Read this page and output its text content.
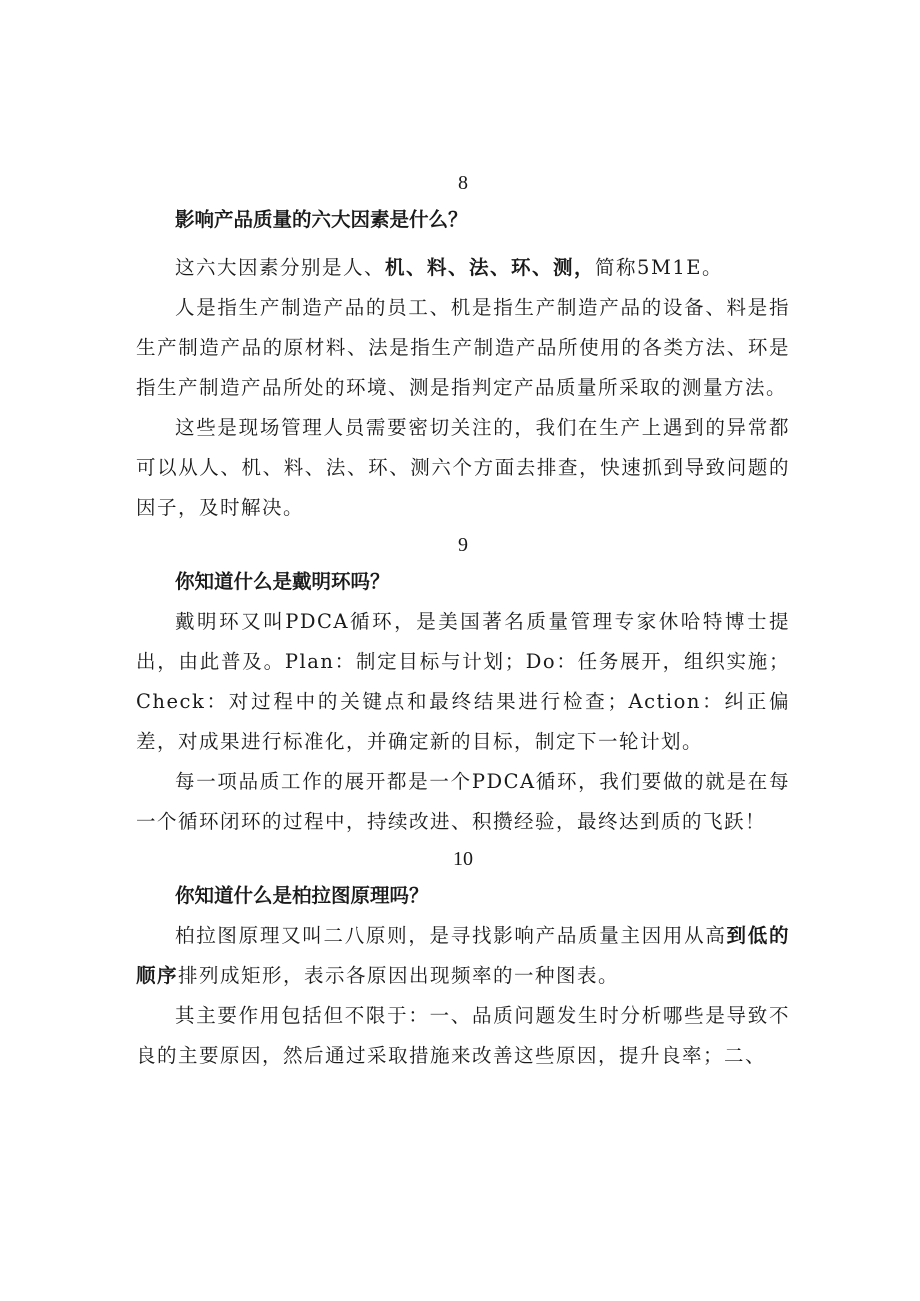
8

影响产品质量的六大因素是什么？

这六大因素分别是人、机、料、法、环、测，简称5M1E。

人是指生产制造产品的员工、机是指生产制造产品的设备、料是指生产制造产品的原材料、法是指生产制造产品所使用的各类方法、环是指生产制造产品所处的环境、测是指判定产品质量所采取的测量方法。

这些是现场管理人员需要密切关注的，我们在生产上遇到的异常都可以从人、机、料、法、环、测六个方面去排查，快速抓到导致问题的因子，及时解决。

9

你知道什么是戴明环吗？

戴明环又叫PDCA循环，是美国著名质量管理专家休哈特博士提出，由此普及。Plan：制定目标与计划；Do：任务展开，组织实施；Check：对过程中的关键点和最终结果进行检查；Action：纠正偏差，对成果进行标准化，并确定新的目标，制定下一轮计划。

每一项品质工作的展开都是一个PDCA循环，我们要做的就是在每一个循环闭环的过程中，持续改进、积攒经验，最终达到质的飞跃！

10

你知道什么是柏拉图原理吗？

柏拉图原理又叫二八原则，是寻找影响产品质量主因用从高到低的顺序排列成矩形，表示各原因出现频率的一种图表。

其主要作用包括但不限于：一、品质问题发生时分析哪些是导致不良的主要原因，然后通过采取措施来改善这些原因，提升良率；二、
